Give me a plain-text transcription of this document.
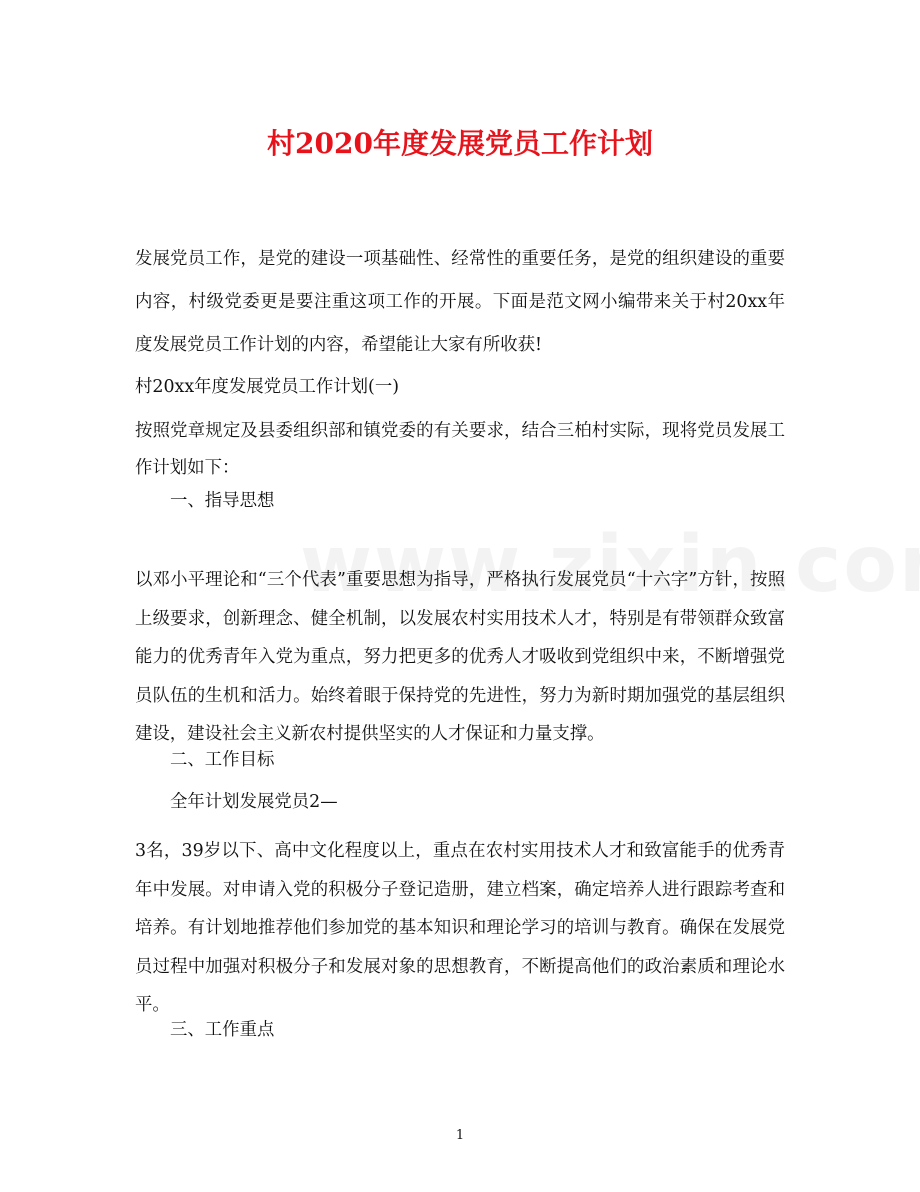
村2020年度发展党员工作计划
发展党员工作，是党的建设一项基础性、经常性的重要任务，是党的组织建设的重要内容，村级党委更是要注重这项工作的开展。下面是范文网小编带来关于村20xx年度发展党员工作计划的内容，希望能让大家有所收获!
村20xx年度发展党员工作计划(一)
按照党章规定及县委组织部和镇党委的有关要求，结合三柏村实际，现将党员发展工作计划如下：
一、指导思想
以邓小平理论和“三个代表”重要思想为指导，严格执行发展党员“十六字”方针，按照上级要求，创新理念、健全机制，以发展农村实用技术人才，特别是有带领群众致富能力的优秀青年入党为重点，努力把更多的优秀人才吸收到党组织中来，不断增强党员队伍的生机和活力。始终着眼于保持党的先进性，努力为新时期加强党的基层组织建设，建设社会主义新农村提供坚实的人才保证和力量支撑。
二、工作目标
全年计划发展党员2—
3名，39岁以下、高中文化程度以上，重点在农村实用技术人才和致富能手的优秀青年中发展。对申请入党的积极分子登记造册，建立档案，确定培养人进行跟踪考查和培养。有计划地推荐他们参加党的基本知识和理论学习的培训与教育。确保在发展党员过程中加强对积极分子和发展对象的思想教育，不断提高他们的政治素质和理论水平。
三、工作重点
1
